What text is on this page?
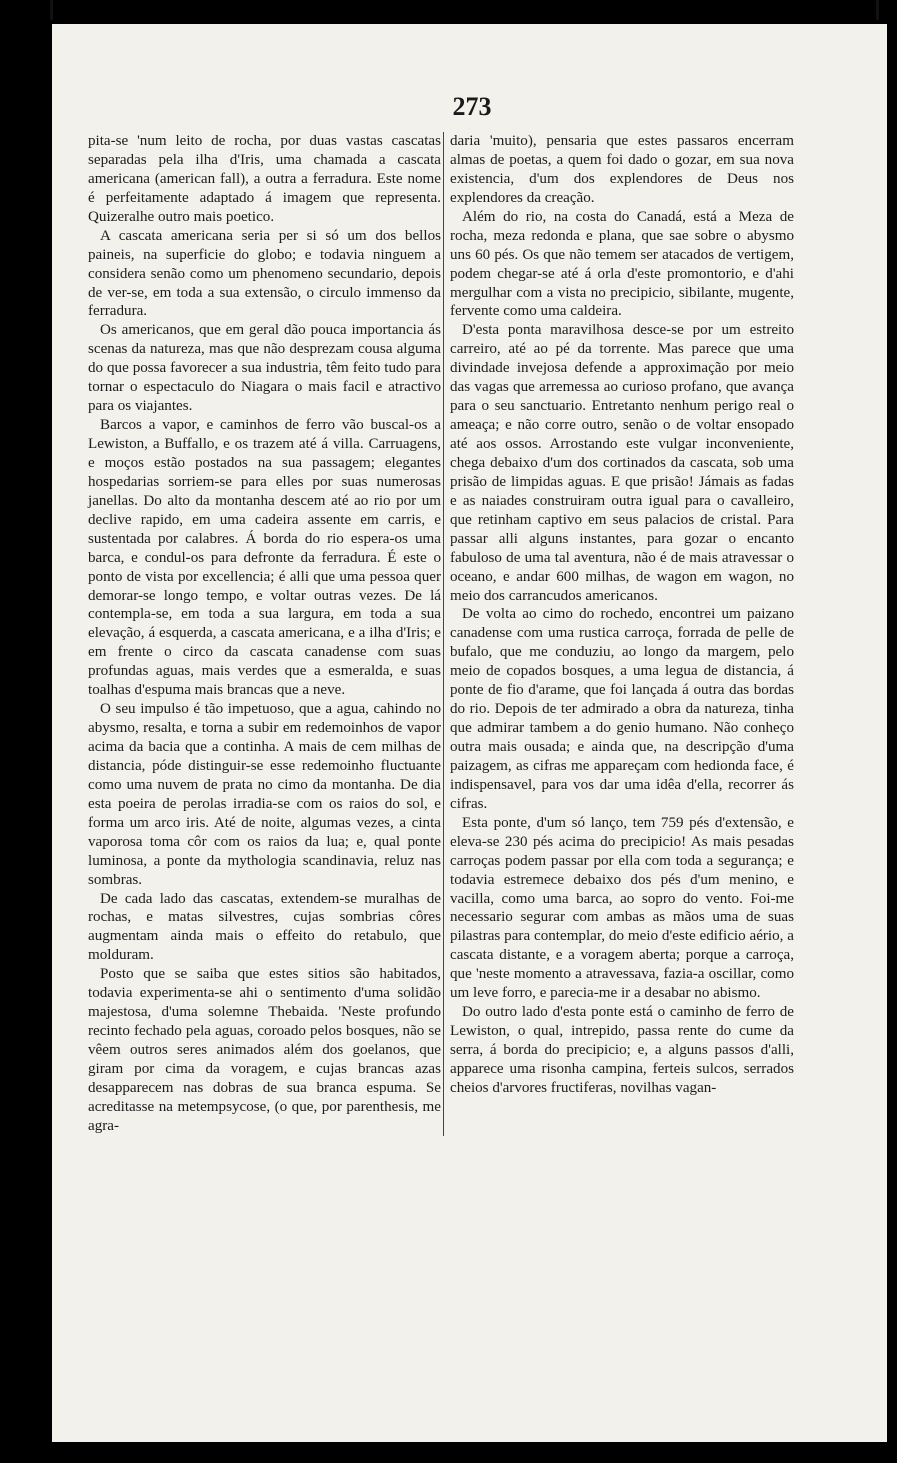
273

pita-se 'num leito de rocha, por duas vastas cascatas separadas pela ilha d'Iris, uma chamada a cascata americana (american fall), a outra a ferradura. Este nome é perfeitamente adaptado á imagem que representa. Quizeralhe outro mais poetico.

A cascata americana seria per si só um dos bellos paineis, na superficie do globo; e todavia ninguem a considera senão como um phenomeno secundario, depois de ver-se, em toda a sua extensão, o circulo immenso da ferradura.

Os americanos, que em geral dão pouca importancia ás scenas da natureza, mas que não desprezam cousa alguma do que possa favorecer a sua industria, têm feito tudo para tornar o espectaculo do Niagara o mais facil e atractivo para os viajantes.

Barcos a vapor, e caminhos de ferro vão buscal-os a Lewiston, a Buffallo, e os trazem até á villa. Carruagens, e moços estão postados na sua passagem; elegantes hospedarias sorriem-se para elles por suas numerosas janellas. Do alto da montanha descem até ao rio por um declive rapido, em uma cadeira assente em carris, e sustentada por calabres. Á borda do rio espera-os uma barca, e condul-os para defronte da ferradura. É este o ponto de vista por excellencia; é alli que uma pessoa quer demorar-se longo tempo, e voltar outras vezes. De lá contempla-se, em toda a sua largura, em toda a sua elevação, á esquerda, a cascata americana, e a ilha d'Iris; e em frente o circo da cascata canadense com suas profundas aguas, mais verdes que a esmeralda, e suas toalhas d'espuma mais brancas que a neve.

O seu impulso é tão impetuoso, que a agua, cahindo no abysmo, resalta, e torna a subir em redemoinhos de vapor acima da bacia que a continha. A mais de cem milhas de distancia, póde distinguir-se esse redemoinho fluctuante como uma nuvem de prata no cimo da montanha. De dia esta poeira de perolas irradia-se com os raios do sol, e forma um arco iris. Até de noite, algumas vezes, a cinta vaporosa toma côr com os raios da lua; e, qual ponte luminosa, a ponte da mythologia scandinavia, reluz nas sombras.

De cada lado das cascatas, extendem-se muralhas de rochas, e matas silvestres, cujas sombrias côres augmentam ainda mais o effeito do retabulo, que molduram.

Posto que se saiba que estes sitios são habitados, todavia experimenta-se ahi o sentimento d'uma solidão majestosa, d'uma solemne Thebaida. 'Neste profundo recinto fechado pela aguas, coroado pelos bosques, não se vêem outros seres animados além dos goelanos, que giram por cima da voragem, e cujas brancas azas desapparecem nas dobras de sua branca espuma. Se acreditasse na metempsycose, (o que, por parenthesis, me agra-

daria 'muito), pensaria que estes passaros encerram almas de poetas, a quem foi dado o gozar, em sua nova existencia, d'um dos explendores de Deus nos explendores da creação.

Além do rio, na costa do Canadá, está a Meza de rocha, meza redonda e plana, que sae sobre o abysmo uns 60 pés. Os que não temem ser atacados de vertigem, podem chegar-se até á orla d'este promontorio, e d'ahi mergulhar com a vista no precipicio, sibilante, mugente, fervente como uma caldeira.

D'esta ponta maravilhosa desce-se por um estreito carreiro, até ao pé da torrente. Mas parece que uma divindade invejosa defende a approximação por meio das vagas que arremessa ao curioso profano, que avança para o seu sanctuario. Entretanto nenhum perigo real o ameaça; e não corre outro, senão o de voltar ensopado até aos ossos. Arrostando este vulgar inconveniente, chega debaixo d'um dos cortinados da cascata, sob uma prisão de limpidas aguas. E que prisão! Jámais as fadas e as naiades construiram outra igual para o cavalleiro, que retinham captivo em seus palacios de cristal. Para passar alli alguns instantes, para gozar o encanto fabuloso de uma tal aventura, não é de mais atravessar o oceano, e andar 600 milhas, de wagon em wagon, no meio dos carrancudos americanos.

De volta ao cimo do rochedo, encontrei um paizano canadense com uma rustica carroça, forrada de pelle de bufalo, que me conduziu, ao longo da margem, pelo meio de copados bosques, a uma legua de distancia, á ponte de fio d'arame, que foi lançada á outra das bordas do rio. Depois de ter admirado a obra da natureza, tinha que admirar tambem a do genio humano. Não conheço outra mais ousada; e ainda que, na descripção d'uma paizagem, as cifras me appareçam com hedionda face, é indispensavel, para vos dar uma idêa d'ella, recorrer ás cifras.

Esta ponte, d'um só lanço, tem 759 pés d'extensão, e eleva-se 230 pés acima do precipicio! As mais pesadas carroças podem passar por ella com toda a segurança; e todavia estremece debaixo dos pés d'um menino, e vacilla, como uma barca, ao sopro do vento. Foi-me necessario segurar com ambas as mãos uma de suas pilastras para contemplar, do meio d'este edificio aério, a cascata distante, e a voragem aberta; porque a carroça, que 'neste momento a atravessava, fazia-a oscillar, como um leve forro, e parecia-me ir a desabar no abismo.

Do outro lado d'esta ponte está o caminho de ferro de Lewiston, o qual, intrepido, passa rente do cume da serra, á borda do precipicio; e, a alguns passos d'alli, apparece uma risonha campina, ferteis sulcos, serrados cheios d'arvores fructiferas, novilhas vagan-
